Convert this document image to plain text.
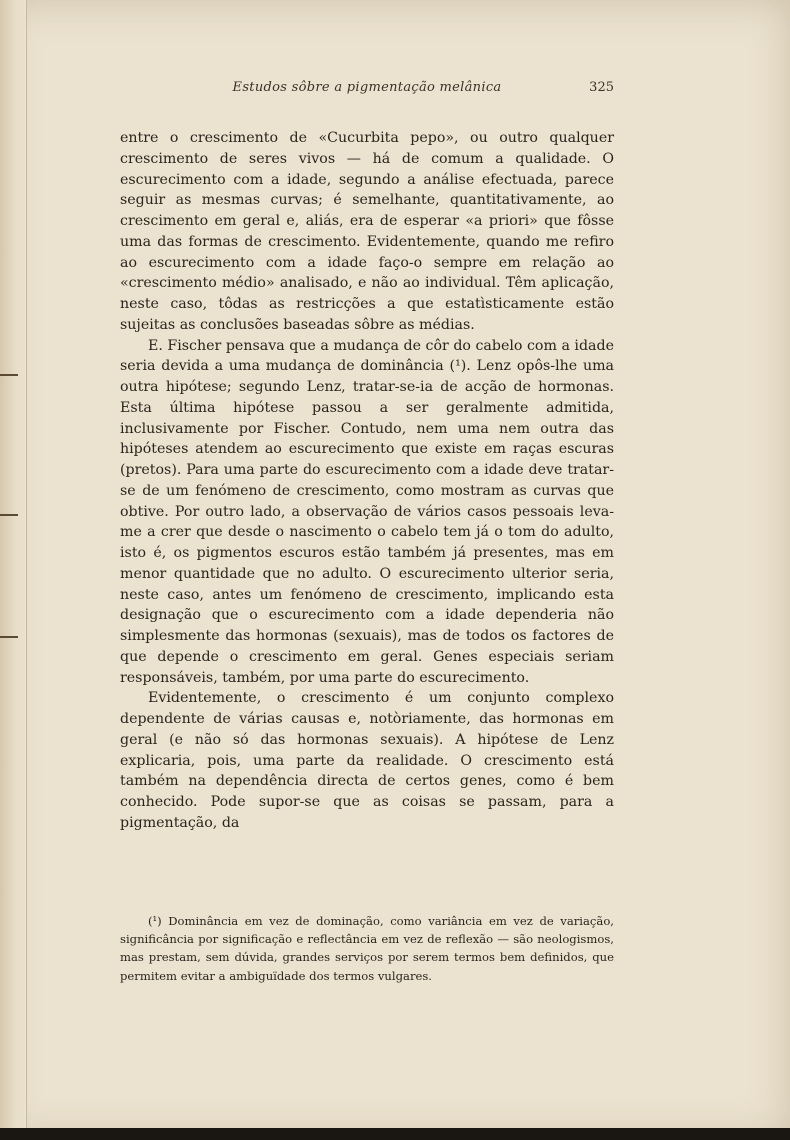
Estudos sôbre a pigmentação melânica	325

entre o crescimento de «Cucurbita pepo», ou outro qualquer crescimento de seres vivos — há de comum a qualidade. O escurecimento com a idade, segundo a análise efectuada, parece seguir as mesmas curvas; é semelhante, quantitativamente, ao crescimento em geral e, aliás, era de esperar «a priori» que fôsse uma das formas de crescimento. Evidentemente, quando me refiro ao escurecimento com a idade faço-o sempre em relação ao «crescimento médio» analisado, e não ao individual. Têm aplicação, neste caso, tôdas as restricções a que estatìsticamente estão sujeitas as conclusões baseadas sôbre as médias.

E. Fischer pensava que a mudança de côr do cabelo com a idade seria devida a uma mudança de dominância (¹). Lenz opôs-lhe uma outra hipótese; segundo Lenz, tratar-se-ia de acção de hormonas. Esta última hipótese passou a ser geralmente admitida, inclusivamente por Fischer. Contudo, nem uma nem outra das hipóteses atendem ao escurecimento que existe em raças escuras (pretos). Para uma parte do escurecimento com a idade deve tratar-se de um fenómeno de crescimento, como mostram as curvas que obtive. Por outro lado, a observação de vários casos pessoais leva-me a crer que desde o nascimento o cabelo tem já o tom do adulto, isto é, os pigmentos escuros estão também já presentes, mas em menor quantidade que no adulto. O escurecimento ulterior seria, neste caso, antes um fenómeno de crescimento, implicando esta designação que o escurecimento com a idade dependeria não simplesmente das hormonas (sexuais), mas de todos os factores de que depende o crescimento em geral. Genes especiais seriam responsáveis, também, por uma parte do escurecimento.

Evidentemente, o crescimento é um conjunto complexo dependente de várias causas e, notòriamente, das hormonas em geral (e não só das hormonas sexuais). A hipótese de Lenz explicaria, pois, uma parte da realidade. O crescimento está também na dependência directa de certos genes, como é bem conhecido. Pode supor-se que as coisas se passam, para a pigmentação, da

(¹) Dominância em vez de dominação, como variância em vez de variação, significância por significação e reflectância em vez de reflexão — são neologismos, mas prestam, sem dúvida, grandes serviços por serem termos bem definidos, que permitem evitar a ambiguïdade dos termos vulgares.
